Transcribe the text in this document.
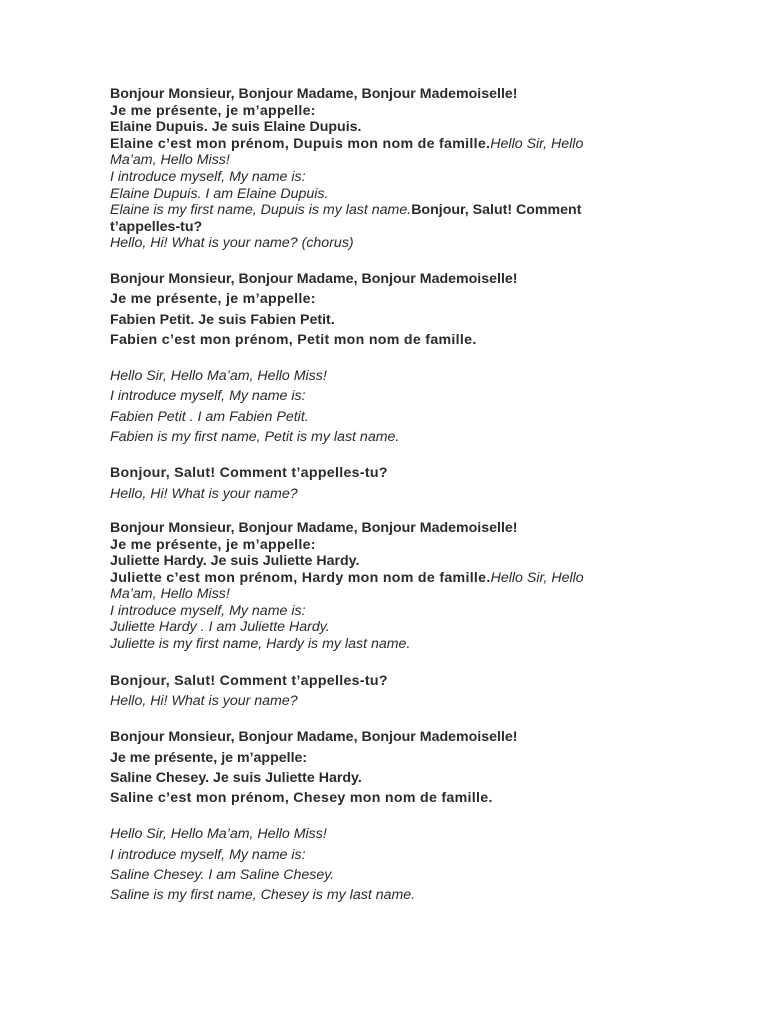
Bonjour Monsieur, Bonjour Madame, Bonjour Mademoiselle!
Je me présente, je m’appelle:
Elaine Dupuis. Je suis Elaine Dupuis.
Elaine c’est mon prénom, Dupuis mon nom de famille.Hello Sir, Hello
Ma’am, Hello Miss!
I introduce myself, My name is:
Elaine Dupuis. I am Elaine Dupuis.
Elaine is my first name, Dupuis is my last name.Bonjour, Salut! Comment
t’appelles-tu?
Hello, Hi! What is your name? (chorus)
Bonjour Monsieur, Bonjour Madame, Bonjour Mademoiselle!
Je me présente, je m’appelle:
Fabien Petit. Je suis Fabien Petit.
Fabien c’est mon prénom, Petit mon nom de famille.
Hello Sir, Hello Ma’am, Hello Miss!
I introduce myself, My name is:
Fabien Petit . I am Fabien Petit.
Fabien is my first name, Petit is my last name.
Bonjour, Salut! Comment t’appelles-tu?
Hello, Hi! What is your name?
Bonjour Monsieur, Bonjour Madame, Bonjour Mademoiselle!
Je me présente, je m’appelle:
Juliette Hardy. Je suis Juliette Hardy.
Juliette c’est mon prénom, Hardy mon nom de famille.Hello Sir, Hello
Ma’am, Hello Miss!
I introduce myself, My name is:
Juliette Hardy . I am Juliette Hardy.
Juliette is my first name, Hardy is my last name.
Bonjour, Salut! Comment t’appelles-tu?
Hello, Hi! What is your name?
Bonjour Monsieur, Bonjour Madame, Bonjour Mademoiselle!
Je me présente, je m’appelle:
Saline Chesey. Je suis Juliette Hardy.
Saline c’est mon prénom, Chesey mon nom de famille.
Hello Sir, Hello Ma’am, Hello Miss!
I introduce myself, My name is:
Saline Chesey. I am Saline Chesey.
Saline is my first name, Chesey is my last name.
